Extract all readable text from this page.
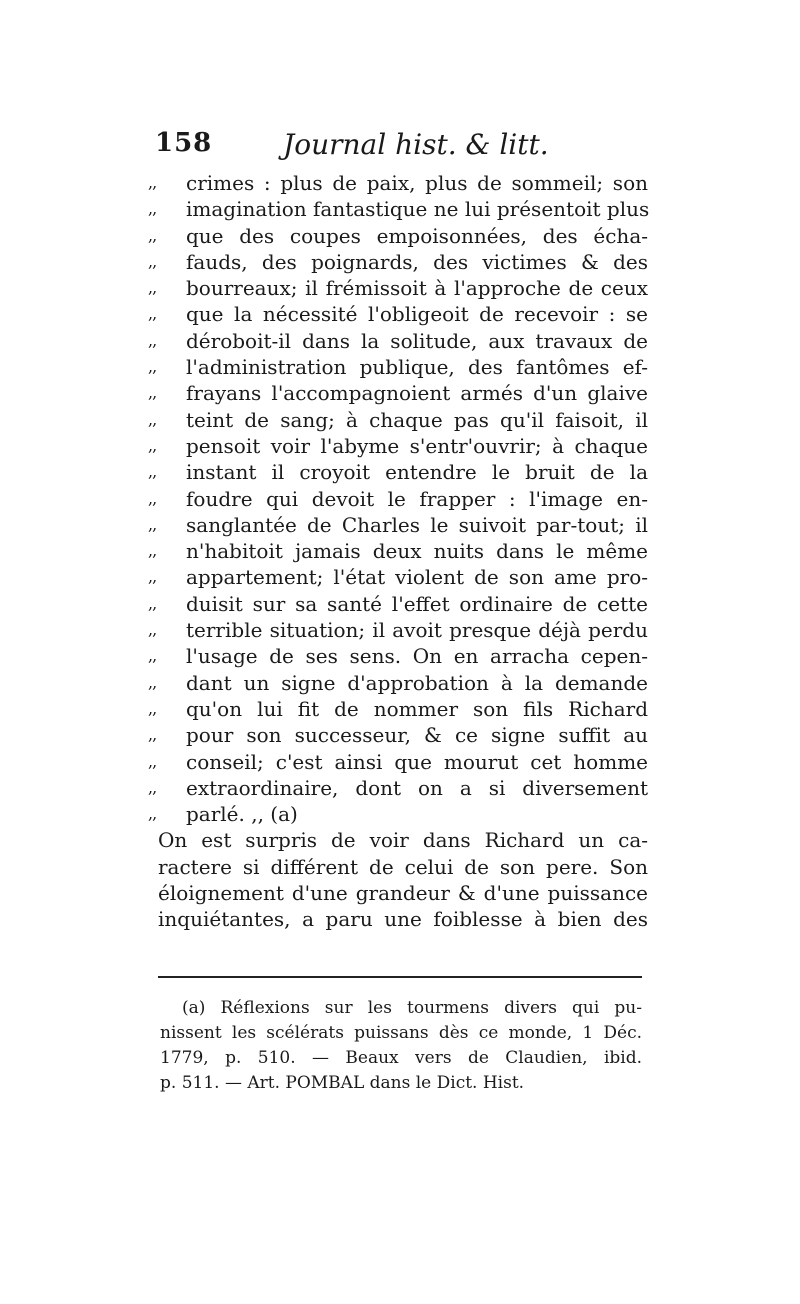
158	Journal hist. & litt.
,,	crimes : plus de paix, plus de sommeil; son
,,	imagination fantastique ne lui présentoit plus
,,	que des coupes empoisonnées, des écha-
,,	fauds, des poignards, des victimes & des
,,	bourreaux; il frémissoit à l'approche de ceux
,,	que la nécessité l'obligeoit de recevoir : se
,,	déroboit-il dans la solitude, aux travaux de
,,	l'administration publique, des fantômes ef-
,,	frayans l'accompagnoient armés d'un glaive
,,	teint de sang; à chaque pas qu'il faisoit, il
,,	pensoit voir l'abyme s'entr'ouvrir; à chaque
,,	instant il croyoit entendre le bruit de la
,,	foudre qui devoit le frapper : l'image en-
,,	sanglantée de Charles le suivoit par-tout; il
,,	n'habitoit jamais deux nuits dans le même
,,	appartement; l'état violent de son ame pro-
,,	duisit sur sa santé l'effet ordinaire de cette
,,	terrible situation; il avoit presque déjà perdu
,,	l'usage de ses sens. On en arracha cepen-
,,	dant un signe d'approbation à la demande
,,	qu'on lui fit de nommer son fils Richard
,,	pour son successeur, & ce signe suffit au
,,	conseil; c'est ainsi que mourut cet homme
,,	extraordinaire, dont on a si diversement
,,	parlé. ,, (a)
On est surpris de voir dans Richard un ca-
ractere si différent de celui de son pere. Son
éloignement d'une grandeur & d'une puissance
inquiétantes, a paru une foiblesse à bien des
(a) Réflexions sur les tourmens divers qui pu-
nissent les scélérats puissans dès ce monde, 1 Déc.
1779, p. 510. — Beaux vers de Claudien, ibid.
p. 511. — Art. POMBAL dans le Dict. Hist.
